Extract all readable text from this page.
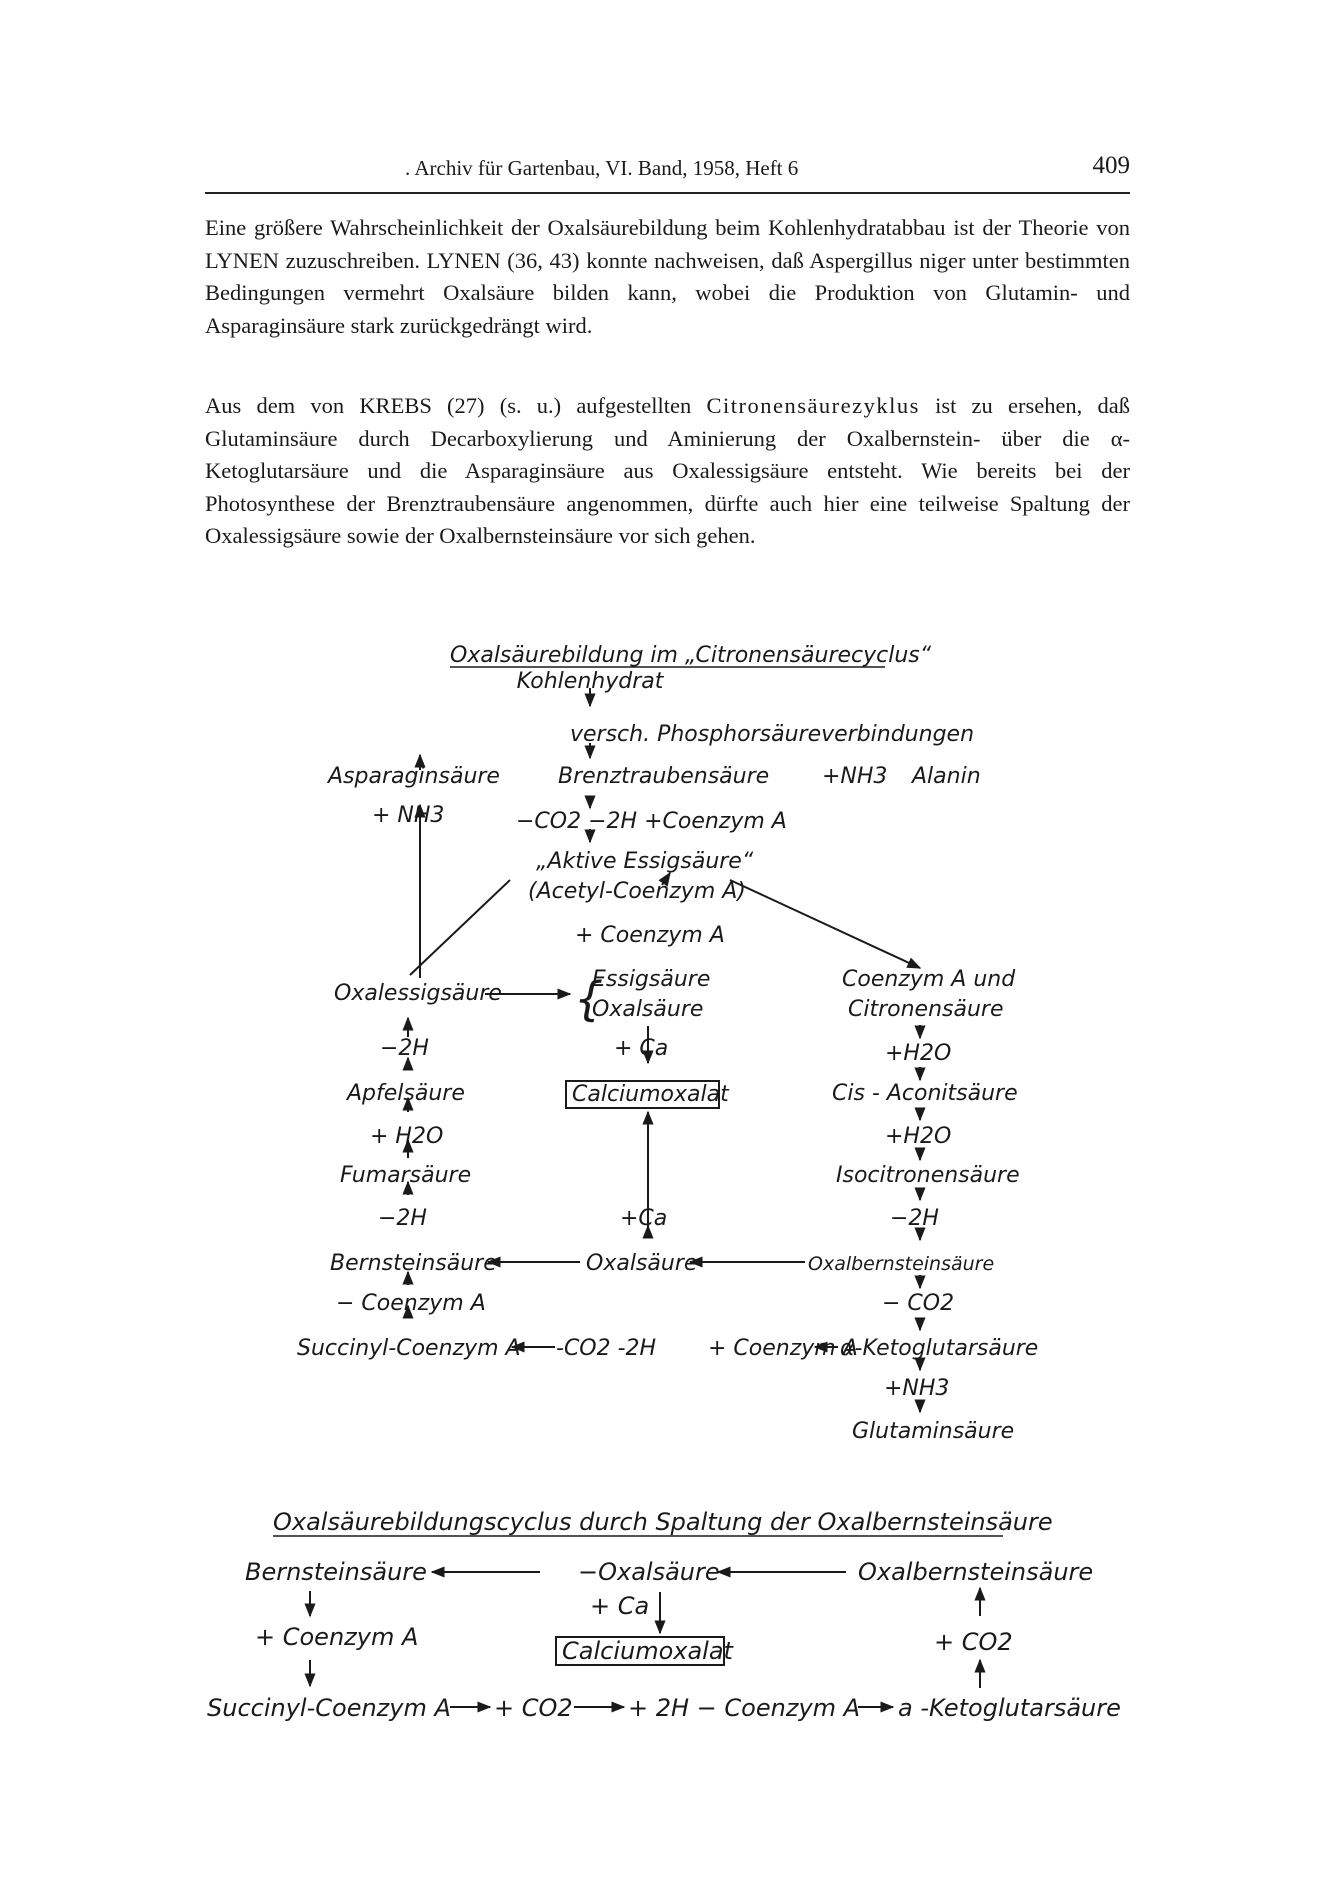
. Archiv für Gartenbau, VI. Band, 1958, Heft 6	409

Eine größere Wahrscheinlichkeit der Oxalsäurebildung beim Kohlenhydratabbau ist der Theorie von LYNEN zuzuschreiben. LYNEN (36, 43) konnte nachweisen, daß Aspergillus niger unter bestimmten Bedingungen vermehrt Oxalsäure bilden kann, wobei die Produktion von Glutamin- und Asparaginsäure stark zurückgedrängt wird.

Aus dem von KREBS (27) (s. u.) aufgestellten Citronensäurezyklus ist zu ersehen, daß Glutaminsäure durch Decarboxylierung und Aminierung der Oxalbernstein- über die α-Ketoglutarsäure und die Asparaginsäure aus Oxalessigsäure entsteht. Wie bereits bei der Photosynthese der Brenztraubensäure angenommen, dürfte auch hier eine teilweise Spaltung der Oxalessigsäure sowie der Oxalbernsteinsäure vor sich gehen.

Oxalsäurebildung im „Citronensäurecyclus“
Kohlenhydrat
versch. Phosphorsäureverbindungen
Asparaginsäure	Brenztraubensäure +NH3 Alanin
+ NH3	−CO2 −2H +Coenzym A
„Aktive Essigsäure“
(Acetyl-Coenzym A)
+ Coenzym A
Oxalessigsäure {
Essigsäure
Oxalsäure
Coenzym A und
Citronensäure
−2H	+ Ca	+H2O
Apfelsäure	Calciumoxalat	Cis - Aconitsäure
+ H2O	+H2O
Fumarsäure	Isocitronensäure
−2H	+Ca	−2H
Bernsteinsäure	Oxalsäure	Oxalbernsteinsäure
− Coenzym A	− CO2
Succinyl-Coenzym A -CO2 -2H + Coenzym A
α-Ketoglutarsäure
+NH3
Glutaminsäure
Oxalsäurebildungscyclus durch Spaltung der Oxalbernsteinsäure
Bernsteinsäure	−Oxalsäure	Oxalbernsteinsäure
+ Ca
+ Coenzym A	Calciumoxalat	+ CO2
Succinyl-Coenzym A + CO2 + 2H − Coenzym A a -Ketoglutarsäure
